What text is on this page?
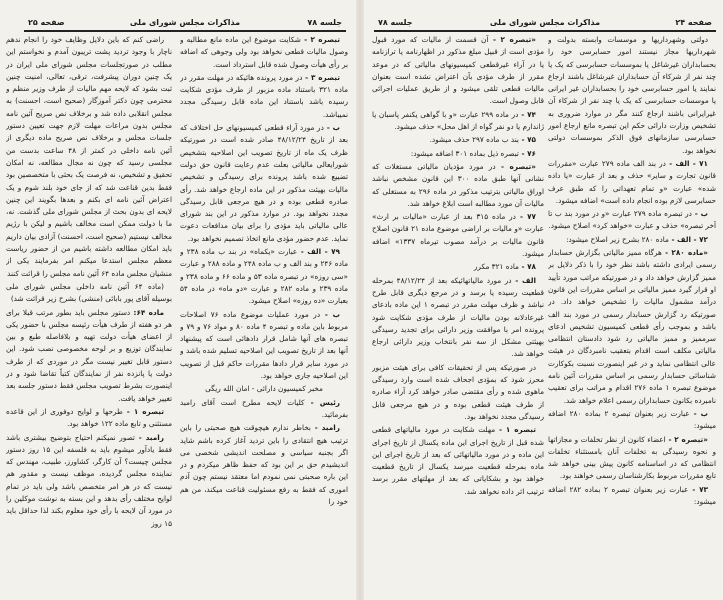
صفحه ۲۵	مذاکرات مجلس شورای ملی	جلسه ۷۸

تبصره ۲ - شکایت موضوع این ماده مانع مطالبه و وصول مالیات قطعی نخواهد بود ولی وجوهی که اضافه بر رأی هیأت وصول شده قابل استرداد است.

تبصره ۳ - در مورد پرونده هائیکه در مهلت مقرر در ماده ۳۲۱ باستناد ماده مزبور از طرف مؤدی شکایت رسیده باشد باستناد این ماده قابل رسیدگی مجدد نمیباشد.

ب - در مورد آراء قطعی کمیسیونهای حل اختلاف که بعد از تاریخ ۴۸/۱۲/۲۴ صادر شده است در صورتیکه ظرف یک ماه از تاریخ تصویب این اصلاحیه بتشخیص شورایعالی مالیاتی بعلت عدم رعایت قانون حق دولت تضییع شده باشد پرونده برای رسیدگی و تشخیص مالیات بهیئت مذکور در این ماده ارجاع خواهد شد. رأی صادره قطعی بوده و در هیچ مرجعی قابل رسیدگی مجدد نخواهد بود. در موارد مذکور در این بند شورای عالی مالیاتی باید مؤدی را برای بیان مدافعات دعوت نماید. عدم حضور مؤدی مانع اتخاذ تصمیم نخواهد بود.

۷۹ - الف - عبارت «یکماه» در بند ب ماده ۲۳۸ و ماده ۲۴۶ و بند الف و ب ماده ۲۴۸ و ماده ۲۸۸ و عبارت «سی روزه» در تبصره ماده ۵۳ و ماده ۶۶ و ماده ۲۳۸ و ماده ۲۳۹ و ماده ۲۸۲ و عبارت «دو ماه» در ماده ۵۴ بعبارت «ده روزه» اصلاح میشود.

ب - در مورد عملیات موضوع ماده ۷۶ اصلاحات مربوط باین ماده و تبصره ۴ ماده ۸۰ و مواد ۷۶ و ۷۹ و تبصره های آنها شامل قرار دادهائی است که پیشنهاد آنها بعد از تاریخ تصویب این اصلاحیه تسلیم شده باشد و در مورد سایر قرار دادها مقررات حاکم قبل از تصویب این اصلاحیه جاری خواهد بود.

مخبر کمیسیون دارائی - امان الله ریگی

رئیس - کلیات لایحه مطرح است آقای رامبد بفرمائید.

رامبد - بخاطر ندارم هیچوقت هیچ صحبتی را باین ترتیب هیچ انتقادی را باین تردید آغاز کرده باشم شاید اگر بجنبه سیاسی و مصلحت اندیشی شخصی می اندیشیدم حق بر این بود که حفظ ظاهر میکردم و در این باره صحبتی نمی نمودم اما معتقد نیستم چون آدم اموری که فقط به رفع مسئولیت قناعت میکند، من هم خود را

راضی کنم که باین دلایل وظایف خود را انجام ندهم ناچار با وجود تردید پشت تریبون آمدم و نخواستم این مطلب در صورتجلسات مجلس شورای ملی ایران در یک چنین دوران پیشرفت، ترقی، تعالی، امنیت چنین ثبت بشود که لایحه مهم مالیات از طرف وزیر منظم و محترمی چون دکتر آموزگار (صحیح است، احسنت) به مجلس انقلابی داده شد و برخلاف نص صریح آئین نامه مجلس بدون مراعات مهلت لازم جهت تعیین دستور جلسات مجلس و برخلاف نص صریح ماده دیگری از آئین نامه داخلی در کمتر از ۴۸ ساعت بدست من مجلسی رسید که چون نه مجال مطالعه، نه امکان تحقیق و تشخیص، نه فرصت یک بحثی با متخصصین بود فقط بدین قناعت شد که از جای خود بلند شوم و یک اعتراض آئین نامه ای بکنم و بعدها بگویند این چنین لایحه ای بدون بحث از مجلس شورای ملی گذشت. نه، ما با دولت ممکن است مخالف باشیم و لیکن با رژیم مخالف نیستیم (صحیح است، احسنت) آزادی بیان داریم باید امکان مطالعه داشته باشیم من از حضور ریاست معظم مجلس استدعا میکنم امر بفرمایند یکی از منشیان مجلس ماده ۶۴ آئین نامه مجلس را قرائت کنند

(ماده ۶۴ آئین نامه داخلی مجلس شورای ملی بوسیله آقای پور بابائی (منشی) بشرح زیر قرائت شد)

ماده ۶۴: دستور مجلس باید بطور مرتب قبلا برای هر دو هفته از طرف هیأت رئیسه مجلس با حضور یکی از اعضای هیأت دولت تهیه و بلافاصله طبع و بین نمایندگان توزیع و بر لوحه مخصوصی نصب شود. این دستور قابل تغییر نیست مگر در موردی که از طرف دولت یا پانزده نفر از نمایندگان کتباً تقاضا شود و در اینصورت بشرط تصویب مجلس فقط دستور جلسه بعد تغییر خواهد یافت.

تبصره ۱ - طرحها و لوایح دوفوری از این قاعده مستثنی و تابع ماده ۱۲۲ خواهد بود.

رامبد - تصور نمیکنم احتیاج بتوضیح بیشتری باشد فقط یادآور میشوم باید به فلسفه این ۱۵ روز دستور مجلس چیست؟ آن کارگر، کشاورز، طبیب، مهندس که نماینده مجلس گردیده، موظف نیست و مقدور هم نیست که در هر امر متخصص باشد ولی باید در تمام لوایح مختلف رأی بدهد و این بسته به نوشت موکلین را در مورد آن لایحه با رأی خود معلوم بکند لذا حداقل باید ۱۵ روز

صفحه ۲۴
مذاکرات مجلس شورای ملی
جلسه ۷۸

دولتی وشهرداریها و موسسات وابسته بدولت و شهرداریها مجاز نیستند امور حسابرسی خود را بحسابداران غیرشاغل یا بموسسات حسابرسی که یک یا چند نفر از شرکاء آن حسابداران غیرشاغل باشند ارجاع نمایند یا امور حسابرسی خود را بحسابداران غیر ایرانی یا موسسات حسابرسی که یک یا چند نفر از شرکاء آن غیرایرانی باشند ارجاع کنند مگر در موارد ضروری به تشخیص وزارت دارائی حکم این تبصره مانع ارجاع امور حسابرسی سازمانهای فوق الذکر بموسسات دولتی نخواهد بود.

۷۱ - الف - در بند الف ماده ۲۷۹ عبارت «مقررات قانون تجارت و سایر» حذف و بعد از عبارت «یا داده شده» عبارت «و تمام تعهداتی را که طبق عرف حسابرسی لازم بوده انجام داده است» اضافه میشود.

ب - در تبصره ماده ۲۷۹ عبارت «و در مورد بند ب تا آخر تبصره» حذف و عبارت «خواهد کرد» اصلاح میشود.

۷۲ - الف - ماده ۲۸۰ بشرح زیر اصلاح میشود:

«ماده ۲۸۰ - هرگاه ممیز مالیاتی بگزارش حسابدار رسمی ایرادی داشته باشد نظر خود را با ذکر دلایل بر ممیز گزارش خواهد داد و در صورتیکه مراتب مورد تأیید او قرار گیرد ممیز مالیاتی بر اساس مقررات این قانون درآمد مشمول مالیات را تشخیص خواهد داد. در صورتیکه رد گزارش حسابدار رسمی در مورد بند الف باشد و بموجب رأی قطعی کمیسیون تشخیص ادعای سرممیز و ممیز مالیاتی رد شود دادستان انتظامی مالیاتی مکلف است اقدام بتعقیب نامبردگان در هیئت عالی انتظامی نماید و در غیر اینصورت نسبت بکوکارت شناسائی حسابدار رسمی بر اساس مقررات آئین نامه موضوع تبصره ۱ ماده ۲۷۶ اقدام و مراتب برای تعقیب نامبرده بکانون حسابداران رسمی اعلام خواهد شد.

ب - عبارت زیر بعنوان تبصره ۲ بماده ۲۸۰ اضافه میشود:

«تبصره ۲ - اعضاء کانون از نظر تخلفات و مجازاتها و نحوه رسیدگی به تخلفات آنان بامستثناء تخلفات انتظامی که در اساسنامه کانون پیش بینی خواهد شد تابع مقررات مربوط بکارشناسان رسمی خواهند بود.

۷۳ - عبارت زیر بعنوان تبصره ۲ بماده ۲۸۲ اضافه میشود:

«تبصره ۲ - آن قسمت از مالیات که مورد قبول مؤدی است از قبیل مبلغ مذکور در اظهارنامه یا ترازنامه یا در آراء غیرقطعی کمیسیونهای مالیاتی که در موعد مقرر از طرف مؤدی بآن اعتراض نشده است بعنوان مالیات قطعی تلقی میشود و از طریق عملیات اجرائی قابل وصول است.

۷۴ - در ماده ۲۹۹ عبارت «و با گواهی یکنفر پاسبان یا ژاندارم یا دو نفر گواه از اهل محل» حذف میشود.

۷۵ - بند ب ماده ۲۹۷ حذف میشود.

۷۶ - تبصره ذیل بماده ۳۰۱ اضافه میشود:

«تبصره - در مورد مؤدیان مالیاتی مستغلات که نشانی آنها طبق ماده ۳۰۰ این قانون مشخص نباشد اوراق مالیاتی بترتیب مذکور در ماده ۲۹۶ به مستغلی که مالیات آن مورد مطالبه است ابلاغ خواهد شد.

۷۷ - در ماده ۳۱۵ بعد از عبارت «مالیات بر ارث» عبارت «و مالیات بر اراضی موضوع ماده ۲۱ قانون اصلاح قانون مالیات بر درآمد مصوب تیرماه ۱۳۳۷» اضافه میشود.

۷۸ - ماده ۳۲۱ مکرر

الف - در مورد مالیاتهائیکه بعد از ۴۸/۱۲/۲۴ بمرحله قطعیت رسیده یا برسد و در مرجع دیگری قابل طرح نباشد و ظرف مهلت مقرر در تبصره ۱ این ماده بادعای غیرعادلانه بودن مالیات از طرف مؤدی شکایت شود پرونده امر با موافقت وزیر دارائی برای تجدید رسیدگی بهیئتی مشکل از سه نفر بانتخاب وزیر دارائی ارجاع خواهد شد.

در صورتیکه پس از تحقیقات کافی برای هیئت مزبور محرز شود که بمؤدی اجحاف شده است وارد رسیدگی ماهوی شده و رأی مقتضی صادر خواهد کرد آراء صادره از طرف هیئت قطعی بوده و در هیچ مرجعی قابل رسیدگی مجدد نخواهد بود.

تبصره ۱ - مهلت شکایت در مورد مالیاتهای قطعی شده قبل از تاریخ اجرای این ماده یکسال از تاریخ اجرای این ماده و در مورد مالیاتهائی که بعد از تاریخ اجرای این ماده بمرحله قطعیت میرسد یکسال از تاریخ قطعیت خواهد بود و بشکایاتی که بعد از مهلتهای مقرر برسد ترتیب اثر داده نخواهد شد.
